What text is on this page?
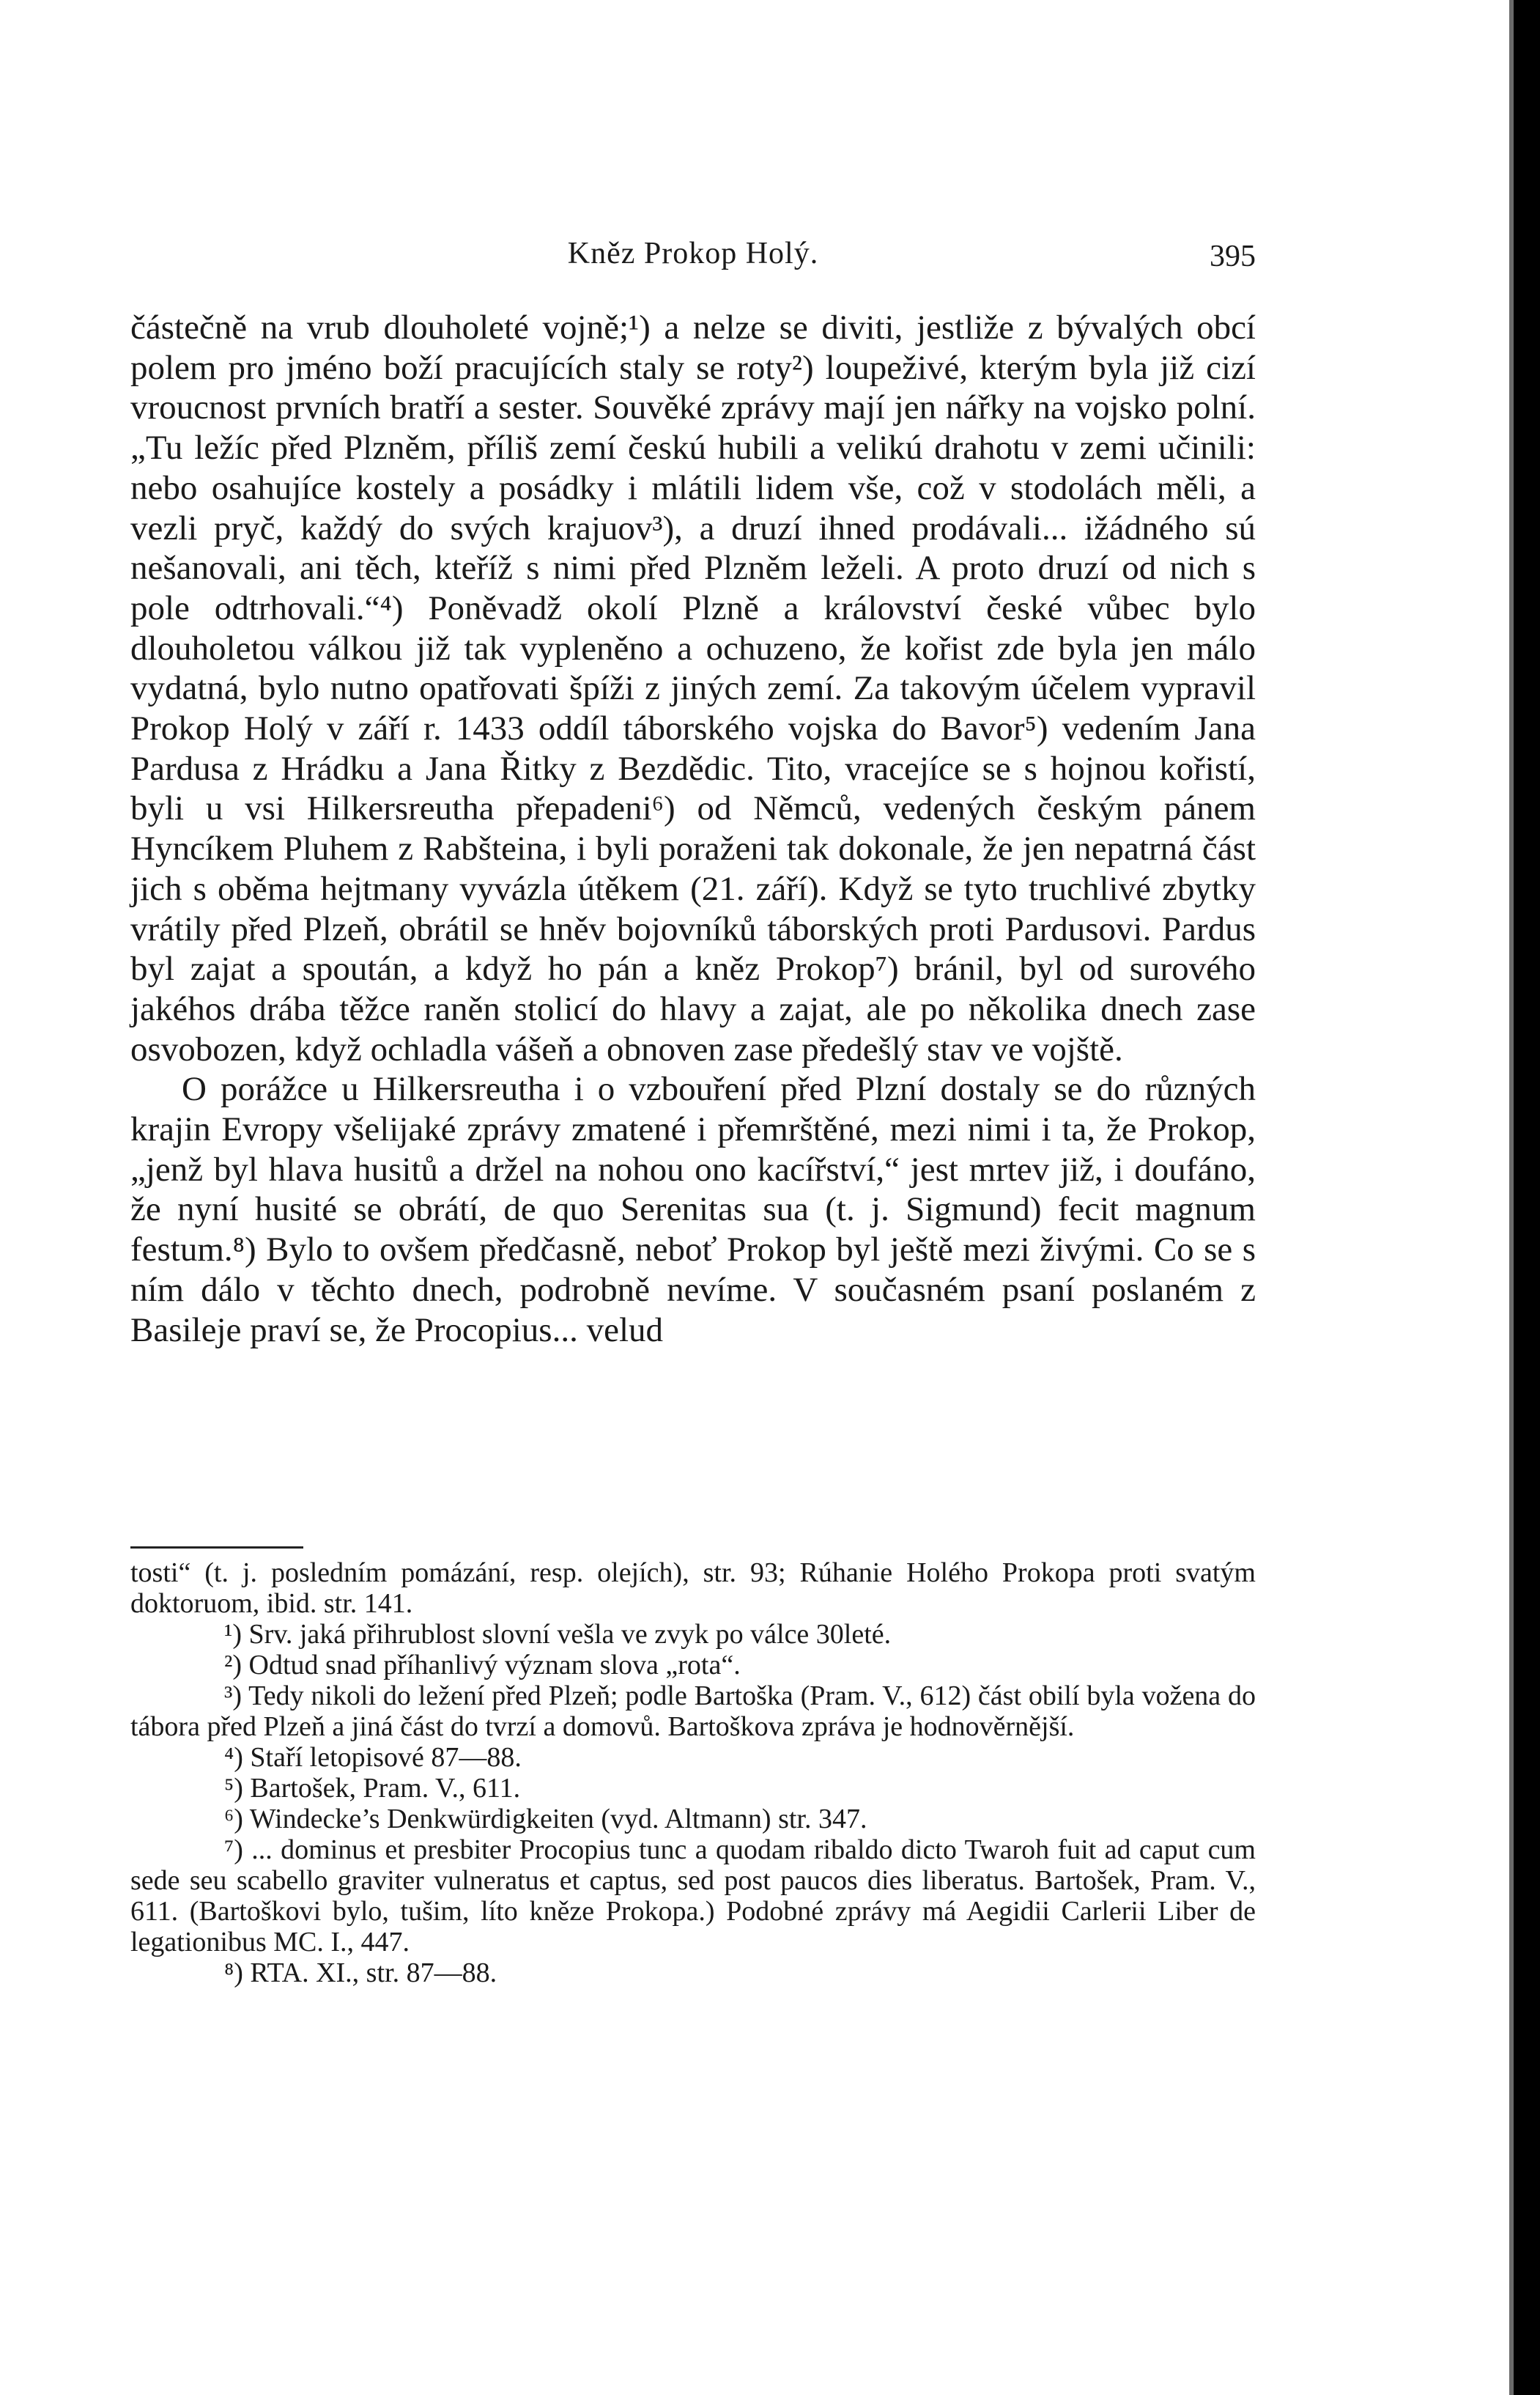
Kněz Prokop Holý.	395

částečně na vrub dlouholeté vojně;¹) a nelze se diviti, jestliže z bývalých obcí polem pro jméno boží pracujících staly se roty²) loupeživé, kterým byla již cizí vroucnost prvních bratří a sester. Souvěké zprávy mají jen nářky na vojsko polní. „Tu ležíc před Plzněm, příliš zemí českú hubili a velikú drahotu v zemi učinili: nebo osahujíce kostely a posádky i mlátili lidem vše, což v stodolách měli, a vezli pryč, každý do svých krajuov³), a druzí ihned prodávali... ižádného sú nešanovali, ani těch, kteříž s nimi před Plzněm leželi. A proto druzí od nich s pole odtrhovali.“⁴) Poněvadž okolí Plzně a království české vůbec bylo dlouholetou válkou již tak vypleněno a ochuzeno, že kořist zde byla jen málo vydatná, bylo nutno opatřovati špíži z jiných zemí. Za takovým účelem vypravil Prokop Holý v září r. 1433 oddíl táborského vojska do Bavor⁵) vedením Jana Pardusa z Hrádku a Jana Řitky z Bezdědic. Tito, vracejíce se s hojnou kořistí, byli u vsi Hilkersreutha přepadeni⁶) od Němců, vedených českým pánem Hyncíkem Pluhem z Rabšteina, i byli poraženi tak dokonale, že jen nepatrná část jich s oběma hejtmany vyvázla útěkem (21. září). Když se tyto truchlivé zbytky vrátily před Plzeň, obrátil se hněv bojovníků táborských proti Pardusovi. Pardus byl zajat a spoután, a když ho pán a kněz Prokop⁷) bránil, byl od surového jakéhos drába těžce raněn stolicí do hlavy a zajat, ale po několika dnech zase osvobozen, když ochladla vášeň a obnoven zase předešlý stav ve vojště.

O porážce u Hilkersreutha i o vzbouření před Plzní dostaly se do různých krajin Evropy všelijaké zprávy zmatené i přemrštěné, mezi nimi i ta, že Prokop, „jenž byl hlava husitů a držel na nohou ono kacířství,“ jest mrtev již, i doufáno, že nyní husité se obrátí, de quo Serenitas sua (t. j. Sigmund) fecit magnum festum.⁸) Bylo to ovšem předčasně, neboť Prokop byl ještě mezi živými. Co se s ním dálo v těchto dnech, podrobně nevíme. V současném psaní poslaném z Basileje praví se, že Procopius... velud

tosti“ (t. j. posledním pomázání, resp. olejích), str. 93; Rúhanie Holého Prokopa proti svatým doktoruom, ibid. str. 141.

¹) Srv. jaká přihrublost slovní vešla ve zvyk po válce 30leté.

²) Odtud snad příhanlivý význam slova „rota“.

³) Tedy nikoli do ležení před Plzeň; podle Bartoška (Pram. V., 612) část obilí byla vožena do tábora před Plzeň a jiná část do tvrzí a domovů. Bartoškova zpráva je hodnověrnější.

⁴) Staří letopisové 87—88.

⁵) Bartošek, Pram. V., 611.

⁶) Windecke’s Denkwürdigkeiten (vyd. Altmann) str. 347.

⁷) ... dominus et presbiter Procopius tunc a quodam ribaldo dicto Twaroh fuit ad caput cum sede seu scabello graviter vulneratus et captus, sed post paucos dies liberatus. Bartošek, Pram. V., 611. (Bartoškovi bylo, tušim, líto kněze Prokopa.) Podobné zprávy má Aegidii Carlerii Liber de legationibus MC. I., 447.

⁸) RTA. XI., str. 87—88.
